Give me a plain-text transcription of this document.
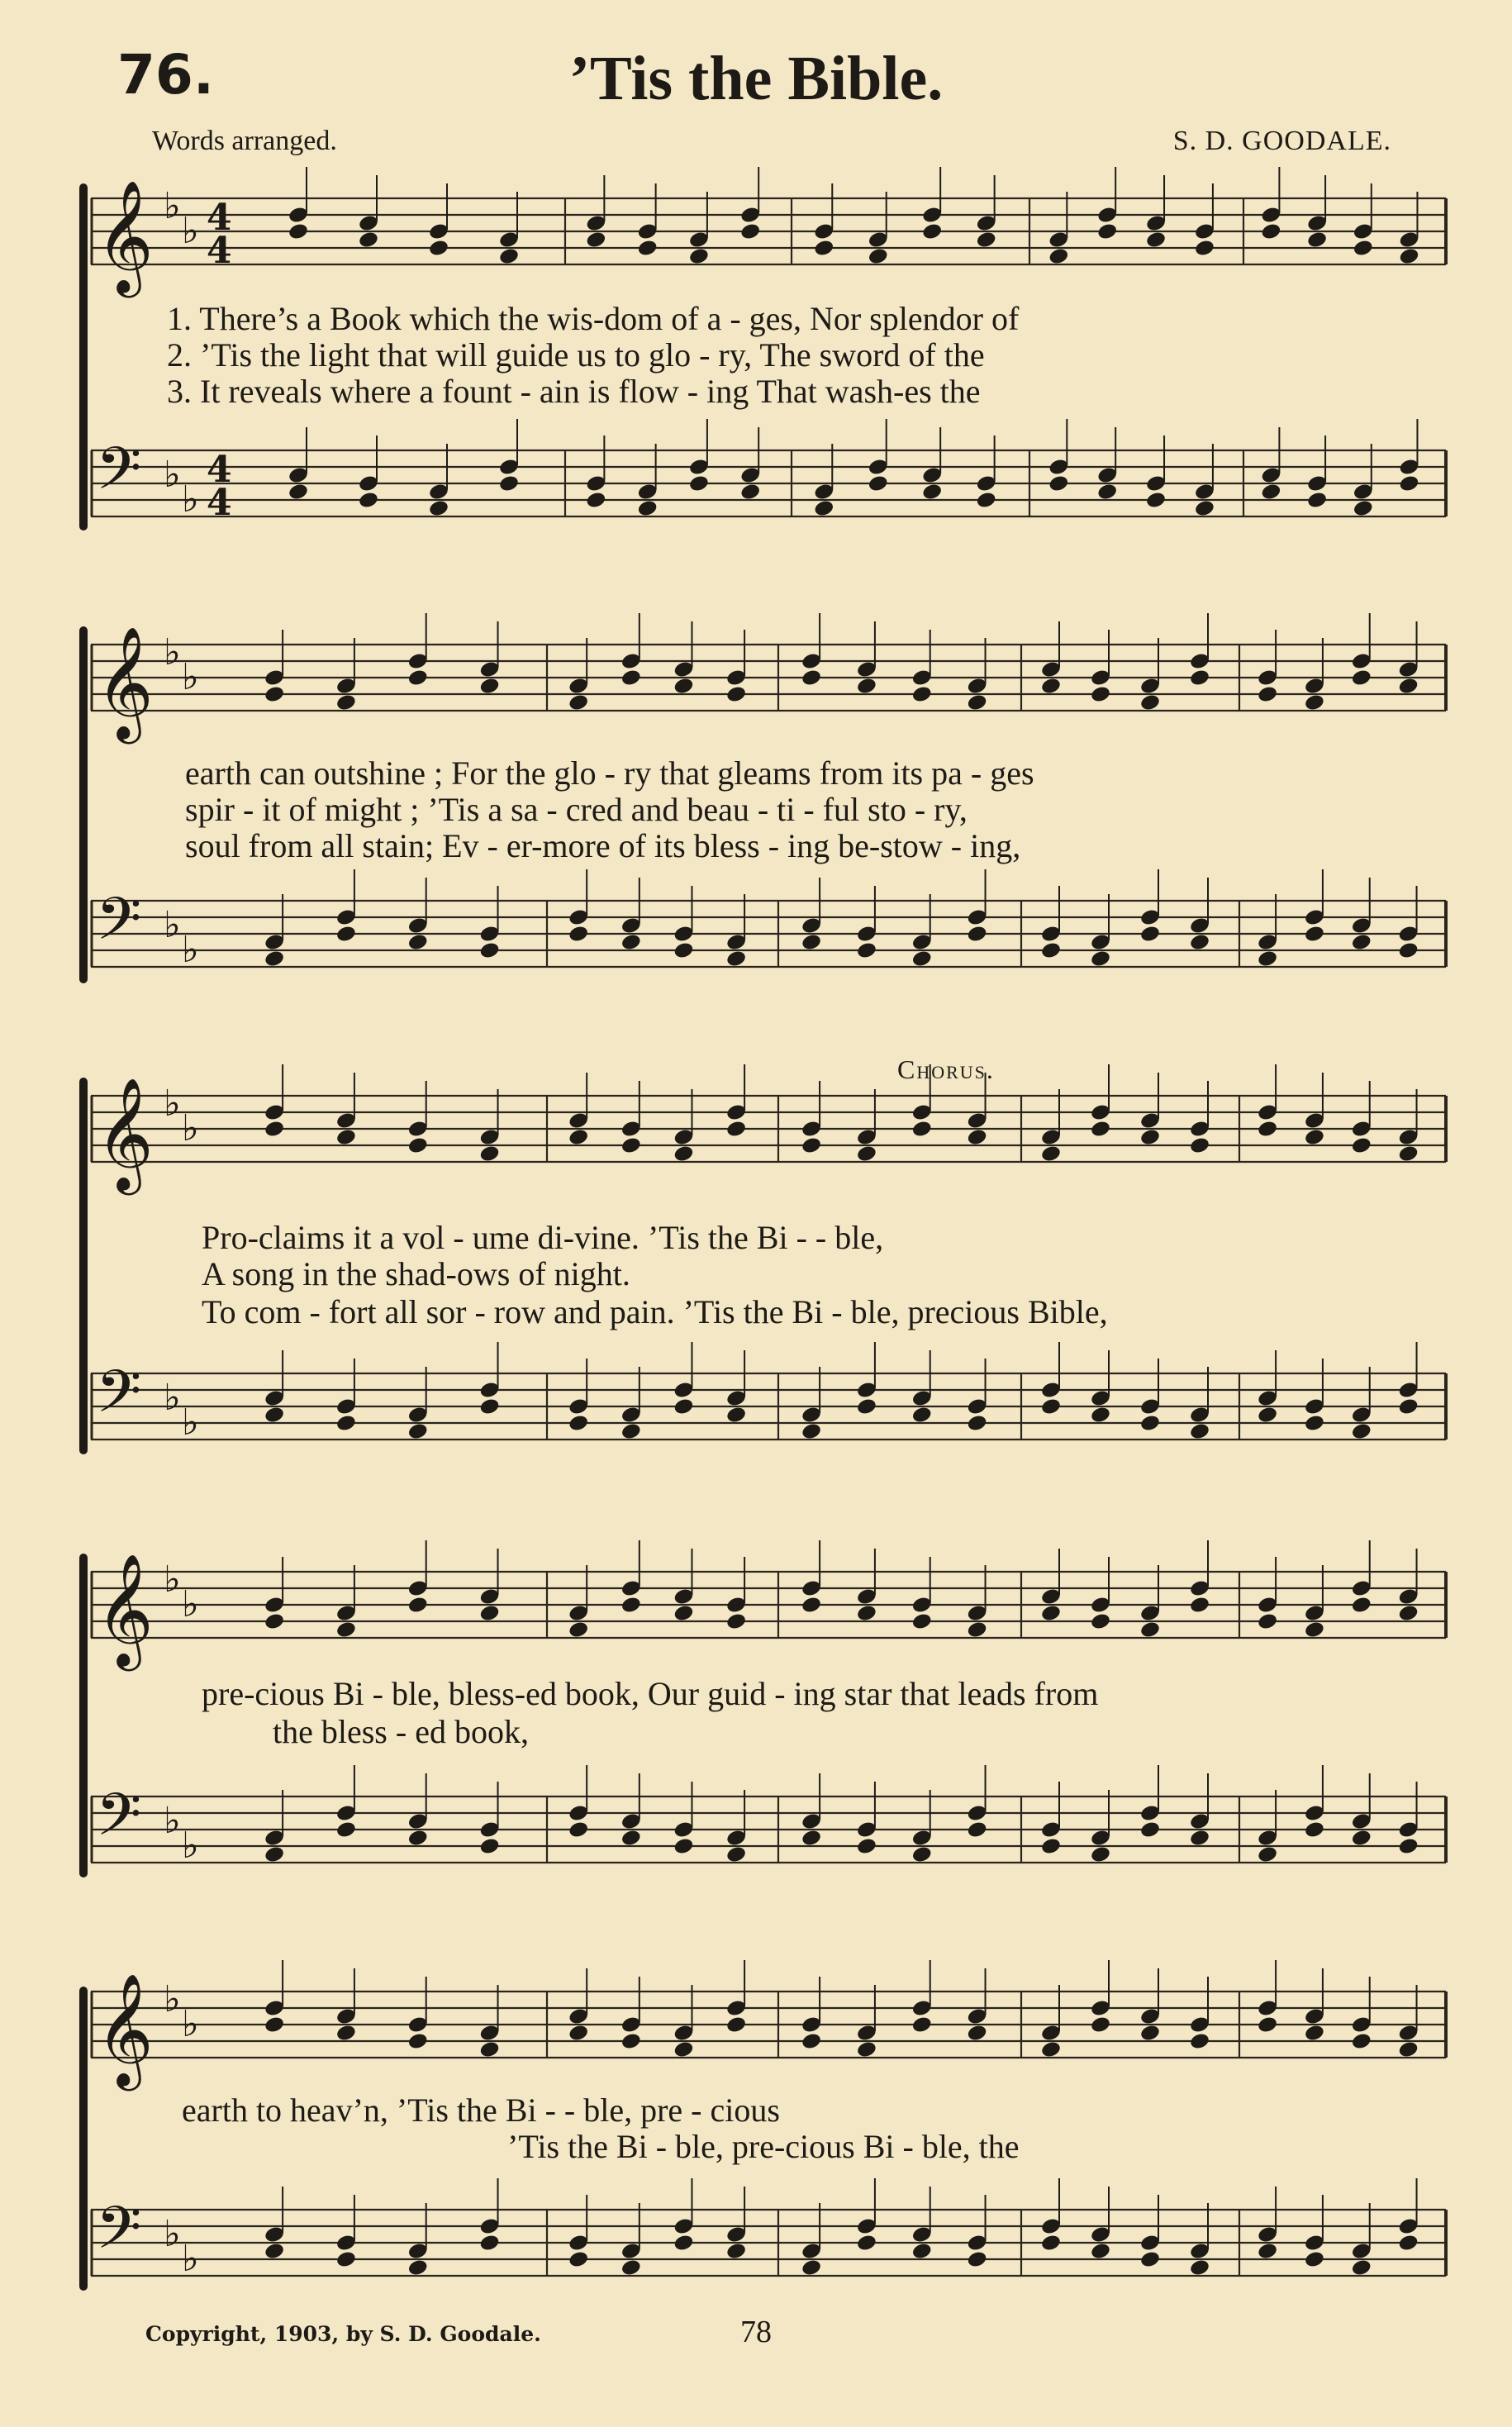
76.	’Tis the Bible.
Words arranged.	S. D. GOODALE.
𝄞 ♭
♭ 4
4
𝄢 ♭
♭
4
4
1. There’s a Book which the wis-dom of a - ges, Nor splendor of
2. ’Tis the light that will guide us to glo - ry, The sword of the
3. It reveals where a fount - ain is flow - ing That wash-es the
𝄞 ♭
♭
𝄢 ♭
♭
earth can outshine ; For the glo - ry that gleams from its pa - ges
spir - it of might ; ’Tis a sa - cred and beau - ti - ful sto - ry,
soul from all stain; Ev - er-more of its bless - ing be-stow - ing,
Chorus.
𝄞 ♭
♭
𝄢 ♭
♭
Pro-claims it a vol - ume di-vine. ’Tis the Bi - - ble,
A song in the shad-ows of night.
To com - fort all sor - row and pain. ’Tis the Bi - ble, precious Bible,
𝄞 ♭
♭
𝄢 ♭
♭
pre-cious Bi - ble, bless-ed book, Our guid - ing star that leads from
the bless - ed book,
𝄞 ♭
♭
𝄢 ♭
♭
earth to heav’n, ’Tis the Bi - - ble, pre - cious
’Tis the Bi - ble, pre-cious Bi - ble, the
Copyright, 1903, by S. D. Goodale.	78
